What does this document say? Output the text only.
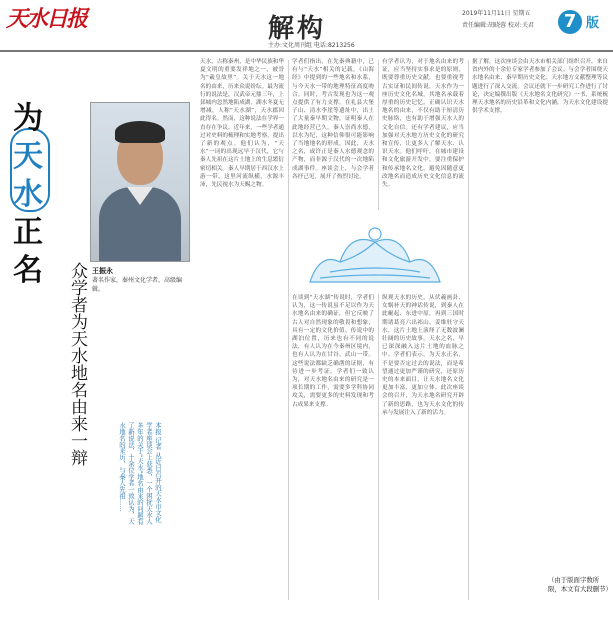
天水日报	解构
主办:文化周刊组 电话:8213256
2019年11月11日 星期五
责任编辑:胡晓蓉 校对:关君	7 版
为
天
水
正
名 众学者为天水地名由来一辩 王振永
著名作家，秦州文化学者，高级编辑。
本报 记者 从近日召开的天水市文化学者座谈会上获悉，一个困扰天水人多年的关于“天水”地名由来的问题有了新说法，十余位学者一致认为，天水地名的来历，与秦人先祖……
天水，古称秦州，是中华民族和华夏文明的重要发祥地之一，被誉为“羲皇故里”。关于天水这一地名的由来，历来众说纷纭。最为流行的说法是，汉武帝元鼎三年，上邽城内忽然地陷成湖，湖水冬夏无增减，人称“天水湖”，天水郡因此得名。然而，这种说法在学界一直存在争议。近年来，一些学者通过对史料的梳理和实地考察，提出了新的观点。他们认为，“天水”一词的出现远早于汉代，它与秦人先祖在这片土地上的生息繁衍密切相关。秦人早期居于西汉水上游一带，这里河流纵横，水源丰沛，先民视水为天赐之物。
学者们指出，在先秦典籍中，已有与“天水”相关的记载。《山海经》中提到的一些地名和水系，与今天水一带的地理特征高度吻合。同时，考古发现也为这一观点提供了有力支撑。在礼县大堡子山、清水李崖等遗址中，出土了大量秦早期文物，证明秦人在此地经营已久。秦人崇尚水德，以水为纪，这种信仰很可能影响了当地地名的形成。因此，天水之名，或许正是秦人水德观念的产物，而非源于汉代的一次地陷成湖事件。座谈会上，与会学者各抒己见，展开了热烈讨论。
有学者认为，对于地名由来的考证，应当坚持实事求是的原则，既要尊重历史文献，也要重视考古实证和民间传说。天水作为一座历史文化名城，其地名承载着厚重的历史记忆。正确认识天水地名的由来，不仅有助于厘清历史脉络，也有助于增强天水人的文化自信。还有学者建议，应当加强对天水地方历史文化的研究和宣传，让更多人了解天水、认识天水。他们呼吁，在城市建设和文化旅游开发中，要注重保护和传承地名文化，避免因随意更改地名而造成历史文化信息的流失。
在谈到“天水湖”传说时，学者们认为，这一传说虽不足以作为天水地名由来的确证，但它反映了古人对自然现象的敬畏和想象，具有一定的文化价值。传说中的湖泊位置，历来也有不同的说法，有人认为在今秦州区境内，也有人认为在甘谷、武山一带。这些说法都缺乏确凿的证据，有待进一步考证。学者们一致认为，对天水地名由来的研究是一项长期的工作，需要多学科协同攻关，需要更多的史料发现和考古成果来支撑。
纵观天水的历史，从伏羲画卦、女娲补天的神话传说，到秦人在此崛起、东进中原，再到三国时期诸葛亮六出祁山、姜维驻守天水，这片土地上演绎了无数波澜壮阔的历史故事。天水之名，早已深深融入这片土地的血脉之中。学者们表示，为天水正名，不是要否定过去的说法，而是希望通过更加严谨的研究，还原历史的本来面目，让天水地名文化更加丰富、更加立体。此次座谈会的召开，为天水地名研究开辟了新的思路，也为天水文化的传承与发展注入了新的活力。
据了解，这次座谈会由天水市相关部门组织召开，来自省内外的十余位专家学者参加了会议。与会学者围绕天水地名由来、秦早期历史文化、天水地方文献整理等议题进行了深入交流。会议还就下一步研究工作进行了讨论，决定编撰出版《天水地名文化研究》一书，系统梳理天水地名的历史沿革和文化内涵，为天水文化建设提供学术支撑。
（由于版面字数所限，本文有大段删节）
